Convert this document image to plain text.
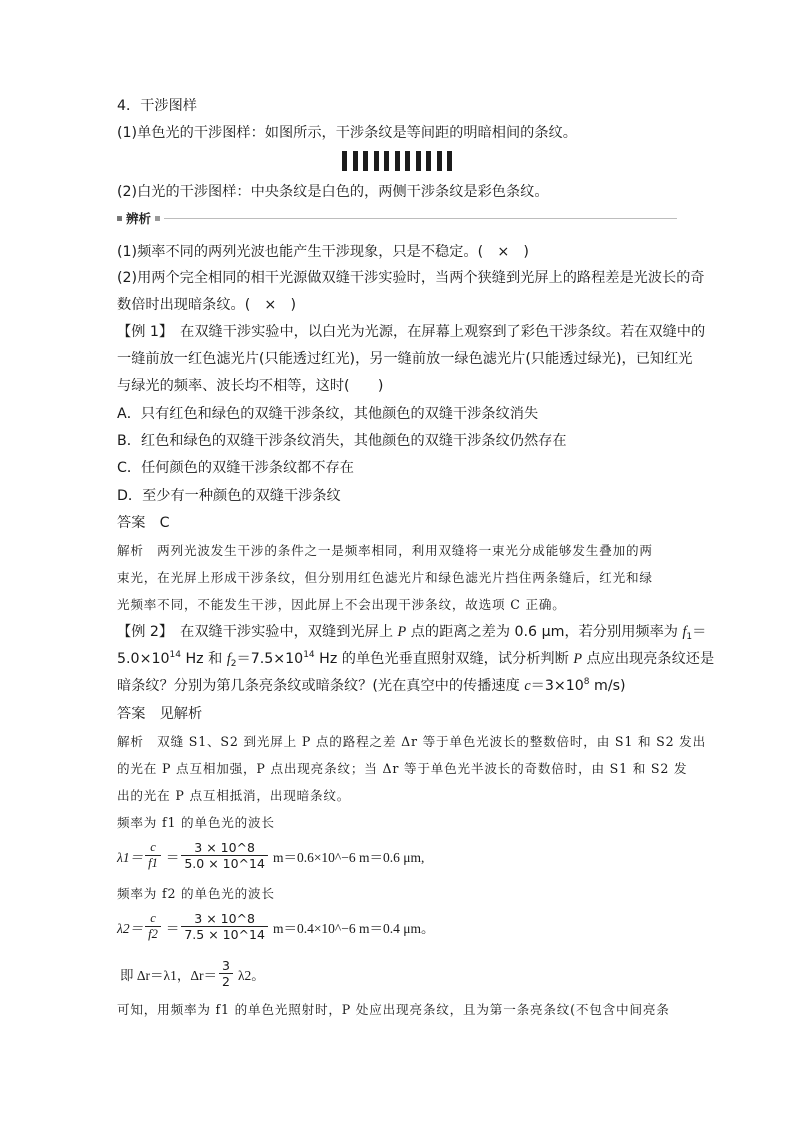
4．干涉图样
(1)单色光的干涉图样：如图所示，干涉条纹是等间距的明暗相间的条纹。
(2)白光的干涉图样：中央条纹是白色的，两侧干涉条纹是彩色条纹。
辨析
(1)频率不同的两列光波也能产生干涉现象，只是不稳定。(　×　)
(2)用两个完全相同的相干光源做双缝干涉实验时，当两个狭缝到光屏上的路程差是光波长的奇
数倍时出现暗条纹。(　×　)
【例 1】　在双缝干涉实验中，以白光为光源，在屏幕上观察到了彩色干涉条纹。若在双缝中的
一缝前放一红色滤光片(只能透过红光)，另一缝前放一绿色滤光片(只能透过绿光)，已知红光
与绿光的频率、波长均不相等，这时(　　)
A．只有红色和绿色的双缝干涉条纹，其他颜色的双缝干涉条纹消失
B．红色和绿色的双缝干涉条纹消失，其他颜色的双缝干涉条纹仍然存在
C．任何颜色的双缝干涉条纹都不存在
D．至少有一种颜色的双缝干涉条纹
答案　C
解析　两列光波发生干涉的条件之一是频率相同，利用双缝将一束光分成能够发生叠加的两
束光，在光屏上形成干涉条纹，但分别用红色滤光片和绿色滤光片挡住两条缝后，红光和绿
光频率不同，不能发生干涉，因此屏上不会出现干涉条纹，故选项 C 正确。
【例 2】　在双缝干涉实验中，双缝到光屏上 P 点的距离之差为 0.6 μm，若分别用频率为 $f_1=$
$5.0\times 10^{14}$ Hz 和 $f_2=7.5\times 10^{14}$ Hz 的单色光垂直照射双缝，试分析判断 P 点应出现亮条纹还是
暗条纹？分别为第几条亮条纹或暗条纹？(光在真空中的传播速度 $c=3\times 10^8$ m/s)
答案　见解析
解析　双缝 S1、S2 到光屏上 P 点的路程之差 Δr 等于单色光波长的整数倍时，由 S1 和 S2 发出
的光在 P 点互相加强，P 点出现亮条纹；当 Δr 等于单色光半波长的奇数倍时，由 S1 和 S2 发
出的光在 P 点互相抵消，出现暗条纹。
频率为 f1 的单色光的波长
$\lambda 1= \frac{c}{f1} = \frac{3 \times 10\^{}8}{5.0 \times 10\^{}14}$ m＝0.6×10^−6 m＝0.6 μm,
频率为 f2 的单色光的波长
$\lambda 2= \frac{c}{f2} = \frac{3 \times 10\^{}8}{7.5 \times 10\^{}14}$ m＝0.4×10^−6 m＝0.4 μm。
即 Δr＝λ1，$\Delta r= \frac{3}{2} \lambda 2$。
可知，用频率为 f1 的单色光照射时，P 处应出现亮条纹，且为第一条亮条纹(不包含中间亮条
